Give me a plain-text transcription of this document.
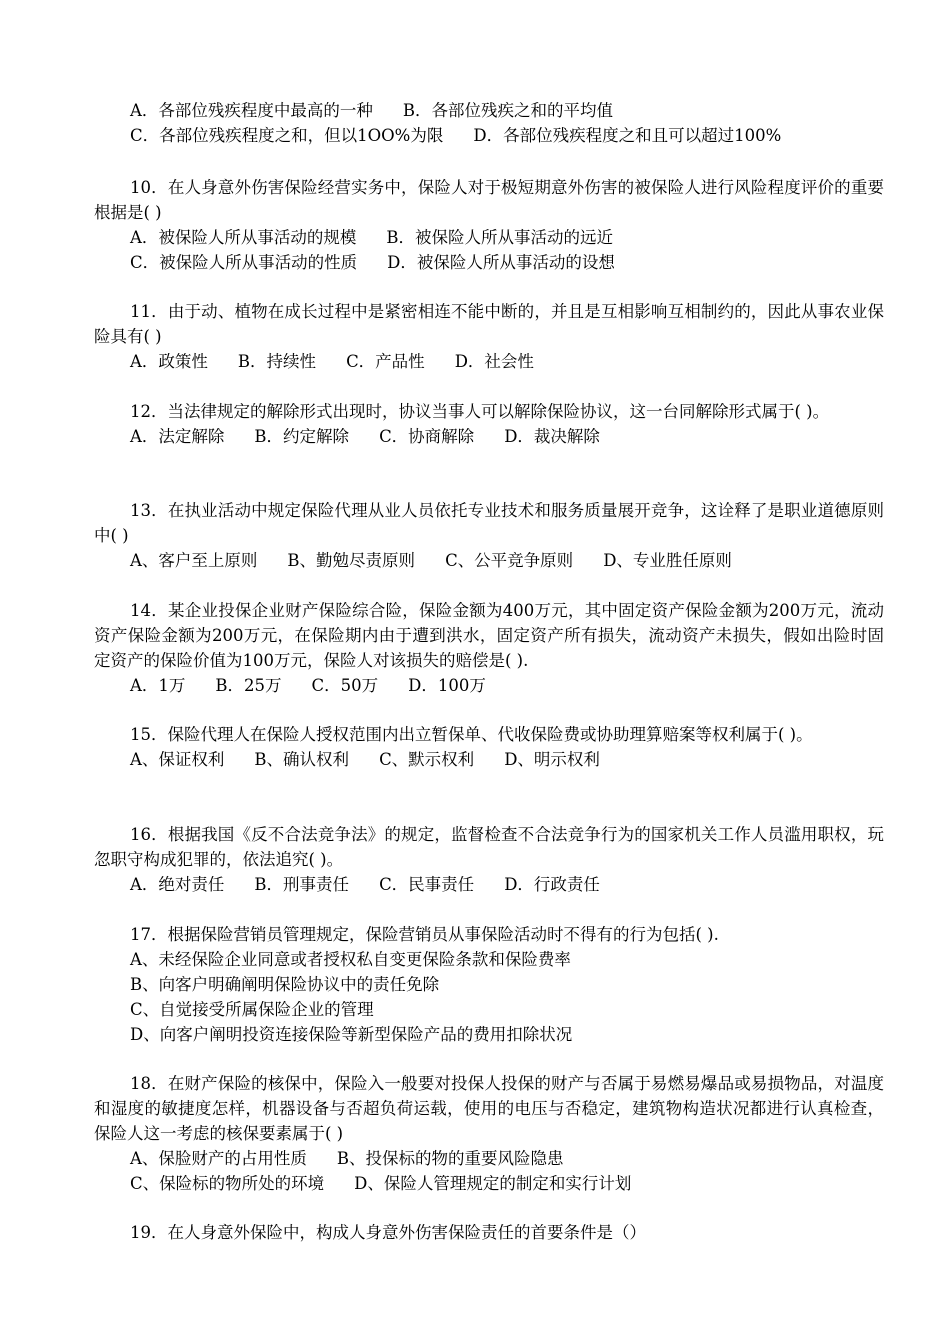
A．各部位残疾程度中最高的一种 B．各部位残疾之和的平均值
C．各部位残疾程度之和，但以1OO%为限 D．各部位残疾程度之和且可以超过100%
10．在人身意外伤害保险经营实务中，保险人对于极短期意外伤害的被保险人进行风险程度评价的重要根据是( )
A．被保险人所从事活动的规模 B．被保险人所从事活动的远近
C．被保险人所从事活动的性质 D．被保险人所从事活动的设想
11．由于动、植物在成长过程中是紧密相连不能中断的，并且是互相影响互相制约的，因此从事农业保险具有( )
A．政策性 B．持续性 C．产品性 D．社会性
12．当法律规定的解除形式出现时，协议当事人可以解除保险协议，这一台同解除形式属于( )。
A．法定解除 B．约定解除 C．协商解除 D．裁决解除
13．在执业活动中规定保险代理从业人员依托专业技术和服务质量展开竞争，这诠释了是职业道德原则中( )
A、客户至上原则 B、勤勉尽责原则 C、公平竞争原则 D、专业胜任原则
14．某企业投保企业财产保险综合险，保险金额为400万元，其中固定资产保险金额为200万元，流动资产保险金额为200万元，在保险期内由于遭到洪水，固定资产所有损失，流动资产未损失，假如出险时固定资产的保险价值为100万元，保险人对该损失的赔偿是( ).
A．1万 B．25万 C．50万 D．100万
15．保险代理人在保险人授权范围内出立暂保单、代收保险费或协助理算赔案等权利属于( )。
A、保证权利 B、确认权利 C、默示权利 D、明示权利
16．根据我国《反不合法竞争法》的规定，监督检查不合法竞争行为的国家机关工作人员滥用职权，玩忽职守构成犯罪的，依法追究( )。
A．绝对责任 B．刑事责任 C．民事责任 D．行政责任
17．根据保险营销员管理规定，保险营销员从事保险活动时不得有的行为包括( ).
A、未经保险企业同意或者授权私自变更保险条款和保险费率
B、向客户明确阐明保险协议中的责任免除
C、自觉接受所属保险企业的管理
D、向客户阐明投资连接保险等新型保险产品的费用扣除状况
18．在财产保险的核保中，保险入一般要对投保人投保的财产与否属于易燃易爆品或易损物品，对温度和湿度的敏捷度怎样，机器设备与否超负荷运载，使用的电压与否稳定，建筑物构造状况都进行认真检查，保险人这一考虑的核保要素属于( )
A、保脸财产的占用性质 B、投保标的物的重要风险隐患
C、保险标的物所处的环境 D、保险人管理规定的制定和实行计划
19．在人身意外保险中，构成人身意外伤害保险责任的首要条件是（）
